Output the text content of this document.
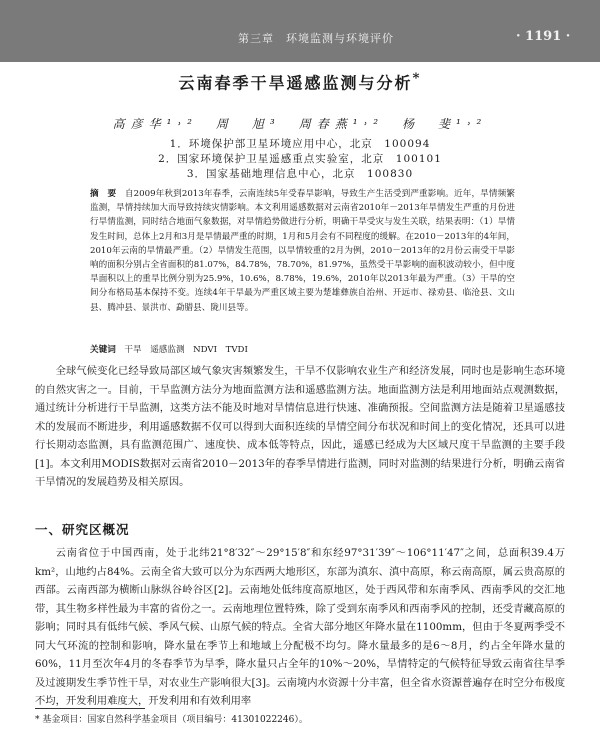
第三章　环境监测与环境评价	· 1191 ·
云南春季干旱遥感监测与分析*
高彦华¹˒²　周　旭³　周春燕¹˒²　杨　斐¹˒²
1．环境保护部卫星环境应用中心，北京　100094
2．国家环境保护卫星遥感重点实验室，北京　100101
3．国家基础地理信息中心，北京　100830

摘　要　 自2009年秋到2013年春季，云南连续5年受春旱影响，导致生产生活受到严重影响。近年，旱情频繁监测，旱情持续加大而导致持续灾情影响。本文利用遥感数据对云南省2010年－2013年旱情发生严重的月份进行旱情监测，同时结合地面气象数据，对旱情趋势做进行分析，明确干旱受灾与发生关联，结果表明：（1）旱情发生时间，总体上2月和3月是旱情最严重的时期，1月和5月会有不同程度的缓解。在2010－2013年的4年间，2010年云南的旱情最严重。（2）旱情发生范围，以旱情较重的2月为例，2010－2013年的2月份云南受干旱影响的面积分别占全省面积的81.07%，84.78%，78.70%，81.97%，虽然受干旱影响的面积波动较小，但中度旱面积以上的重旱比例分别为25.9%，10.6%，8.78%，19.6%，2010年以2013年最为严重。（3）干旱的空间分布格局基本保持不变。连续4年干旱最为严重区域主要为楚雄彝族自治州、开远市、禄劝县、临沧县、文山县、腾冲县、景洪市、勐腊县、陇川县等。

关键词　 干旱　遥感监测　NDVI　TVDI

全球气候变化已经导致局部区域气象灾害频繁发生，干旱不仅影响农业生产和经济发展，同时也是影响生态环境的自然灾害之一。目前，干旱监测方法分为地面监测方法和遥感监测方法。地面监测方法是利用地面站点观测数据，通过统计分析进行干旱监测，这类方法不能及时地对旱情信息进行快速、准确预报。空间监测方法是随着卫星遥感技术的发展而不断进步，利用遥感数据不仅可以得到大面积连续的旱情空间分布状况和时间上的变化情况，还具可以进行长期动态监测，具有监测范围广、速度快、成本低等特点，因此，遥感已经成为大区域尺度干旱监测的主要手段[1]。本文利用MODIS数据对云南省2010－2013年的春季旱情进行监测，同时对监测的结果进行分析，明确云南省干旱情况的发展趋势及相关原因。

一、研究区概况

云南省位于中国西南，处于北纬21°8′32″～29°15′8″和东经97°31′39″～106°11′47″之间，总面积39.4万km²，山地约占84%。云南全省大致可以分为东西两大地形区，东部为滇东、滇中高原，称云南高原，属云贵高原的西部。云南西部为横断山脉纵谷岭谷区[2]。云南地处低纬度高原地区，处于西风带和东南季风、西南季风的交汇地带，其生物多样性最为丰富的省份之一。云南地理位置特殊，除了受到东南季风和西南季风的控制，还受青藏高原的影响；同时具有低纬气候、季风气候、山原气候的特点。全省大部分地区年降水量在1100mm，但由于冬夏两季受不同大气环流的控制和影响，降水量在季节上和地域上分配极不均匀。降水量最多的是6～8月，约占全年降水量的60%，11月至次年4月的冬春季节为旱季，降水量只占全年的10%～20%，旱情特定的气候特征导致云南省往旱季及过渡期发生季节性干旱，对农业生产影响很大[3]。云南境内水资源十分丰富，但全省水资源普遍存在时空分布极度不均，开发利用难度大，开发利用和有效利用率

* 基金项目：国家自然科学基金项目（项目编号：41301022246）。
